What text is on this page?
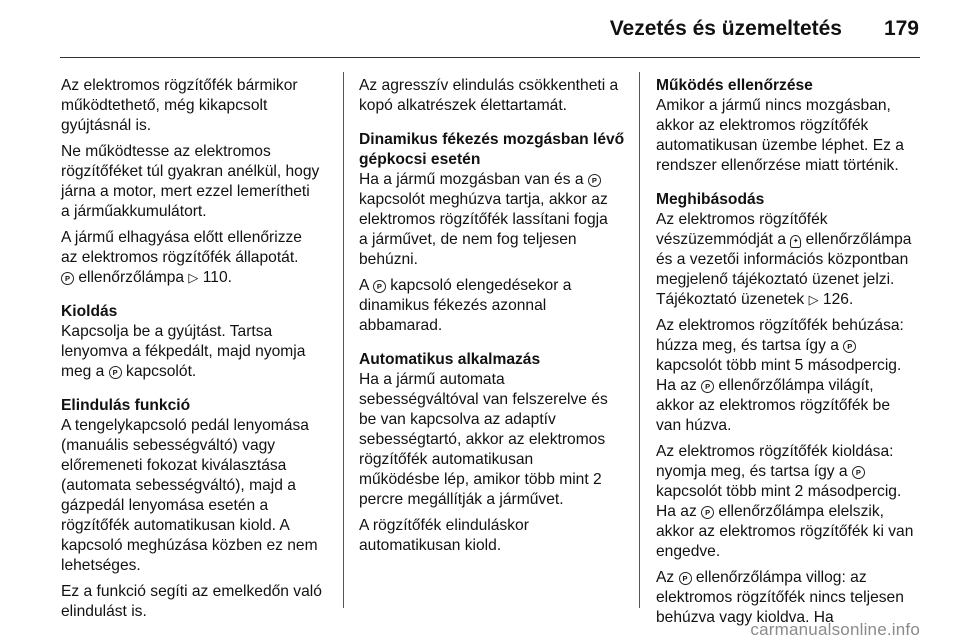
Vezetés és üzemeltetés 179

Az elektromos rögzítőfék bármikor
működtethető, még kikapcsolt
gyújtásnál is.

Ne működtesse az elektromos
rögzítőféket túl gyakran anélkül, hogy
járna a motor, mert ezzel lemerítheti
a járműakkumulátort.

A jármű elhagyása előtt ellenőrizze
az elektromos rögzítőfék állapotát.
P ellenőrzőlámpa ▷ 110.

Kioldás

Kapcsolja be a gyújtást. Tartsa
lenyomva a fékpedált, majd nyomja
meg a P kapcsolót.

Elindulás funkció

A tengelykapcsoló pedál lenyomása
(manuális sebességváltó) vagy
előremeneti fokozat kiválasztása
(automata sebességváltó), majd a
gázpedál lenyomása esetén a
rögzítőfék automatikusan kiold. A
kapcsoló meghúzása közben ez nem
lehetséges.

Ez a funkció segíti az emelkedőn való
elindulást is.

Az agresszív elindulás csökkentheti a
kopó alkatrészek élettartamát.

Dinamikus fékezés mozgásban lévő
gépkocsi esetén

Ha a jármű mozgásban van és a P
kapcsolót meghúzva tartja, akkor az
elektromos rögzítőfék lassítani fogja
a járművet, de nem fog teljesen
behúzni.

A P kapcsoló elengedésekor a
dinamikus fékezés azonnal
abbamarad.

Automatikus alkalmazás

Ha a jármű automata
sebességváltóval van felszerelve és
be van kapcsolva az adaptív
sebességtartó, akkor az elektromos
rögzítőfék automatikusan
működésbe lép, amikor több mint 2
percre megállítják a járművet.

A rögzítőfék elinduláskor
automatikusan kiold.

Működés ellenőrzése

Amikor a jármű nincs mozgásban,
akkor az elektromos rögzítőfék
automatikusan üzembe léphet. Ez a
rendszer ellenőrzése miatt történik.

Meghibásodás

Az elektromos rögzítőfék
vészüzemmódját a ✦ ellenőrzőlámpa
és a vezetői információs központban
megjelenő tájékoztató üzenet jelzi.
Tájékoztató üzenetek ▷ 126.

Az elektromos rögzítőfék behúzása:
húzza meg, és tartsa így a P
kapcsolót több mint 5 másodpercig.
Ha az P ellenőrzőlámpa világít,
akkor az elektromos rögzítőfék be
van húzva.

Az elektromos rögzítőfék kioldása:
nyomja meg, és tartsa így a P
kapcsolót több mint 2 másodpercig.
Ha az P ellenőrzőlámpa elelszik,
akkor az elektromos rögzítőfék ki van
engedve.

Az P ellenőrzőlámpa villog: az
elektromos rögzítőfék nincs teljesen
behúzva vagy kioldva. Ha

carmanualsonline.info
